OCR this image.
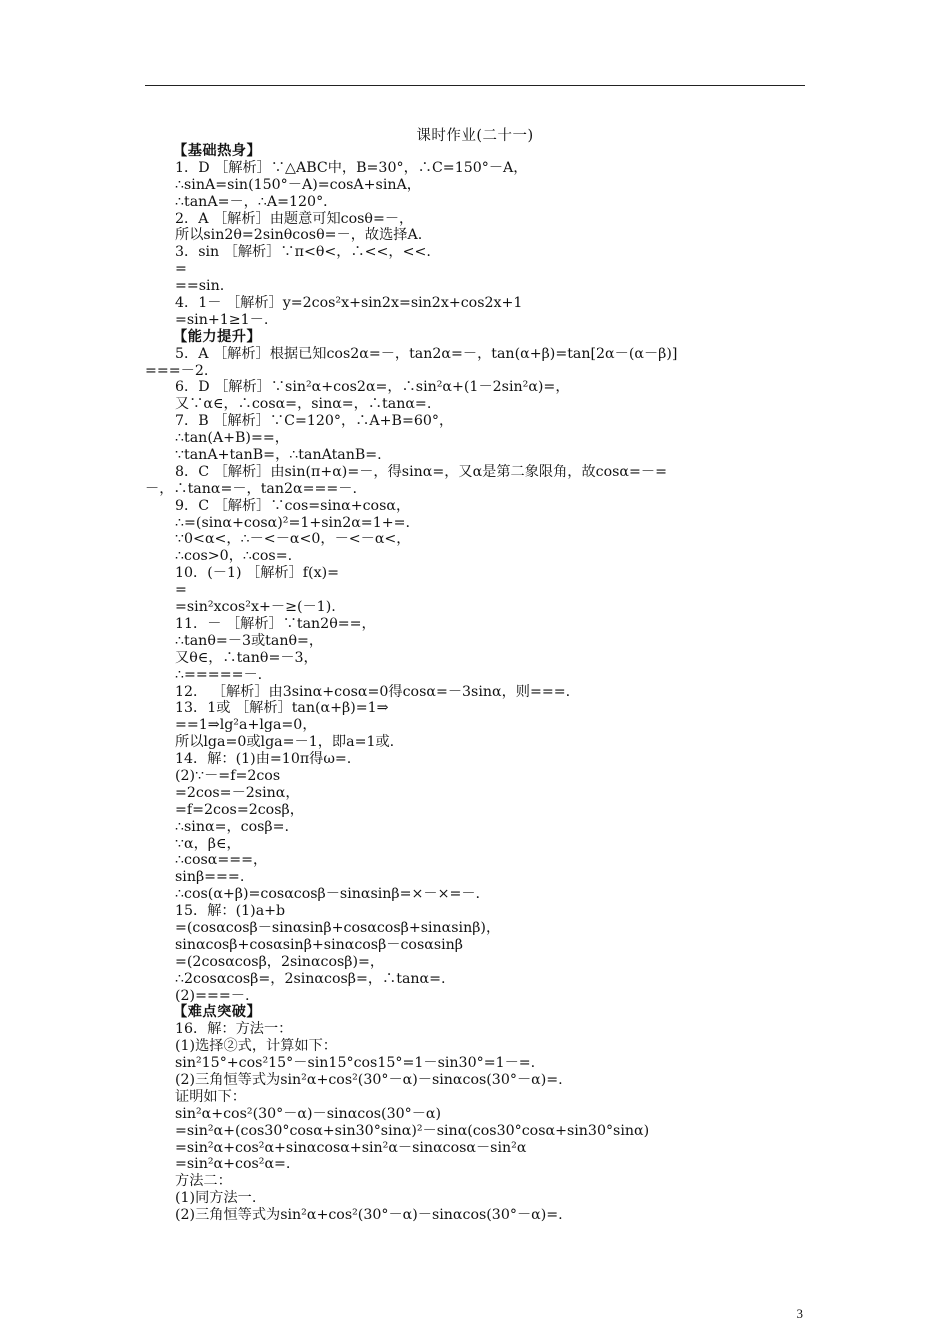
课时作业(二十一)
【基础热身】
1．D ［解析］∵△ABC中，B=30°，∴C=150°－A，
∴sinA=sin(150°－A)=cosA+sinA，
∴tanA=－，∴A=120°．
2．A ［解析］由题意可知cosθ=－，
所以sin2θ=2sinθcosθ=－，故选择A.
3．sin ［解析］∵π<θ<，∴<<，<<.
=
==sin.
4．1－ ［解析］y=2cos²x+sin2x=sin2x+cos2x+1
=sin+1≥1－.
【能力提升】
5．A ［解析］根据已知cos2α=－，tan2α=－，tan(α+β)=tan[2α－(α－β)]
===－2.
6．D ［解析］∵sin²α+cos2α=，∴sin²α+(1－2sin²α)=，
又∵α∈，∴cosα=，sinα=，∴tanα=.
7．B ［解析］∵C=120°，∴A+B=60°，
∴tan(A+B)==，
∵tanA+tanB=，∴tanAtanB=.
8．C ［解析］由sin(π+α)=－，得sinα=，又α是第二象限角，故cosα=－=
－，∴tanα=－，tan2α===－.
9．C ［解析］∵cos=sinα+cosα，
∴=(sinα+cosα)²=1+sin2α=1+=.
∵0<α<，∴－<－α<0，－<－α<，
∴cos>0，∴cos=.
10．(－1) ［解析］f(x)=
=
=sin²xcos²x+－≥(－1).
11．－ ［解析］∵tan2θ==，
∴tanθ=－3或tanθ=，
又θ∈，∴tanθ=－3，
∴=====－.
12． ［解析］由3sinα+cosα=0得cosα=－3sinα，则===.
13．1或 ［解析］tan(α+β)=1⇒
==1⇒lg²a+lga=0，
所以lga=0或lga=－1，即a=1或.
14．解：(1)由=10π得ω=.
(2)∵－=f=2cos
=2cos=－2sinα，
=f=2cos=2cosβ，
∴sinα=，cosβ=.
∵α，β∈，
∴cosα===，
sinβ===.
∴cos(α+β)=cosαcosβ－sinαsinβ=×－×=－.
15．解：(1)a+b
=(cosαcosβ－sinαsinβ+cosαcosβ+sinαsinβ)，
sinαcosβ+cosαsinβ+sinαcosβ－cosαsinβ
=(2cosαcosβ，2sinαcosβ)=，
∴2cosαcosβ=，2sinαcosβ=，∴tanα=.
(2)===－.
【难点突破】
16．解：方法一：
(1)选择②式，计算如下：
sin²15°+cos²15°－sin15°cos15°=1－sin30°=1－=.
(2)三角恒等式为sin²α+cos²(30°－α)－sinαcos(30°－α)=.
证明如下：
sin²α+cos²(30°－α)－sinαcos(30°－α)
=sin²α+(cos30°cosα+sin30°sinα)²－sinα(cos30°cosα+sin30°sinα)
=sin²α+cos²α+sinαcosα+sin²α－sinαcosα－sin²α
=sin²α+cos²α=.
方法二：
(1)同方法一.
(2)三角恒等式为sin²α+cos²(30°－α)－sinαcos(30°－α)=.
3
